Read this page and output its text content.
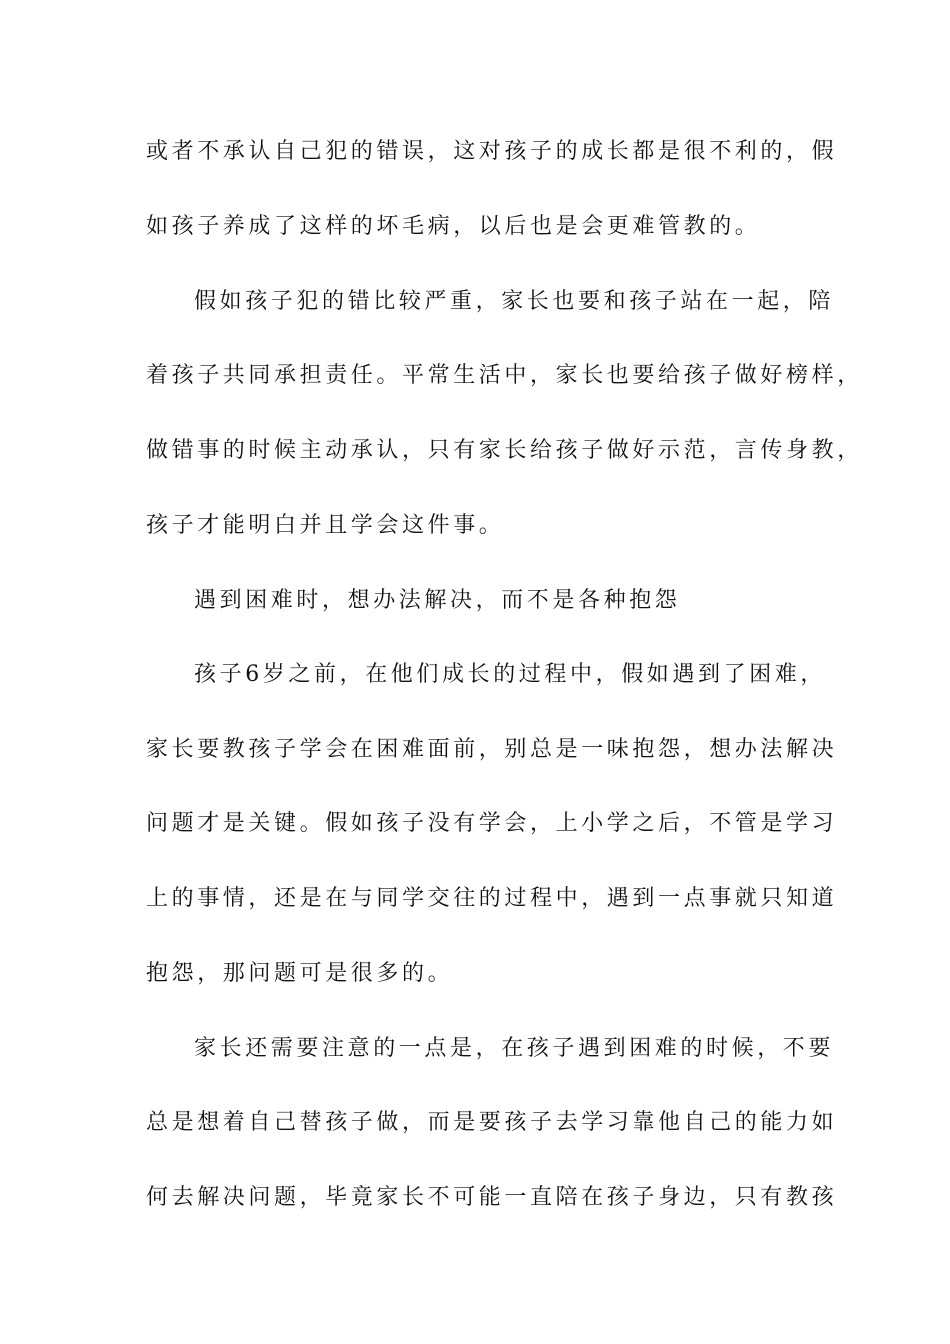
或者不承认自己犯的错误，这对孩子的成长都是很不利的，假
如孩子养成了这样的坏毛病，以后也是会更难管教的。
假如孩子犯的错比较严重，家长也要和孩子站在一起，陪
着孩子共同承担责任。平常生活中，家长也要给孩子做好榜样，
做错事的时候主动承认，只有家长给孩子做好示范，言传身教，
孩子才能明白并且学会这件事。
遇到困难时，想办法解决，而不是各种抱怨
孩子6岁之前，在他们成长的过程中，假如遇到了困难，
家长要教孩子学会在困难面前，别总是一味抱怨，想办法解决
问题才是关键。假如孩子没有学会，上小学之后，不管是学习
上的事情，还是在与同学交往的过程中，遇到一点事就只知道
抱怨，那问题可是很多的。
家长还需要注意的一点是，在孩子遇到困难的时候，不要
总是想着自己替孩子做，而是要孩子去学习靠他自己的能力如
何去解决问题，毕竟家长不可能一直陪在孩子身边，只有教孩
